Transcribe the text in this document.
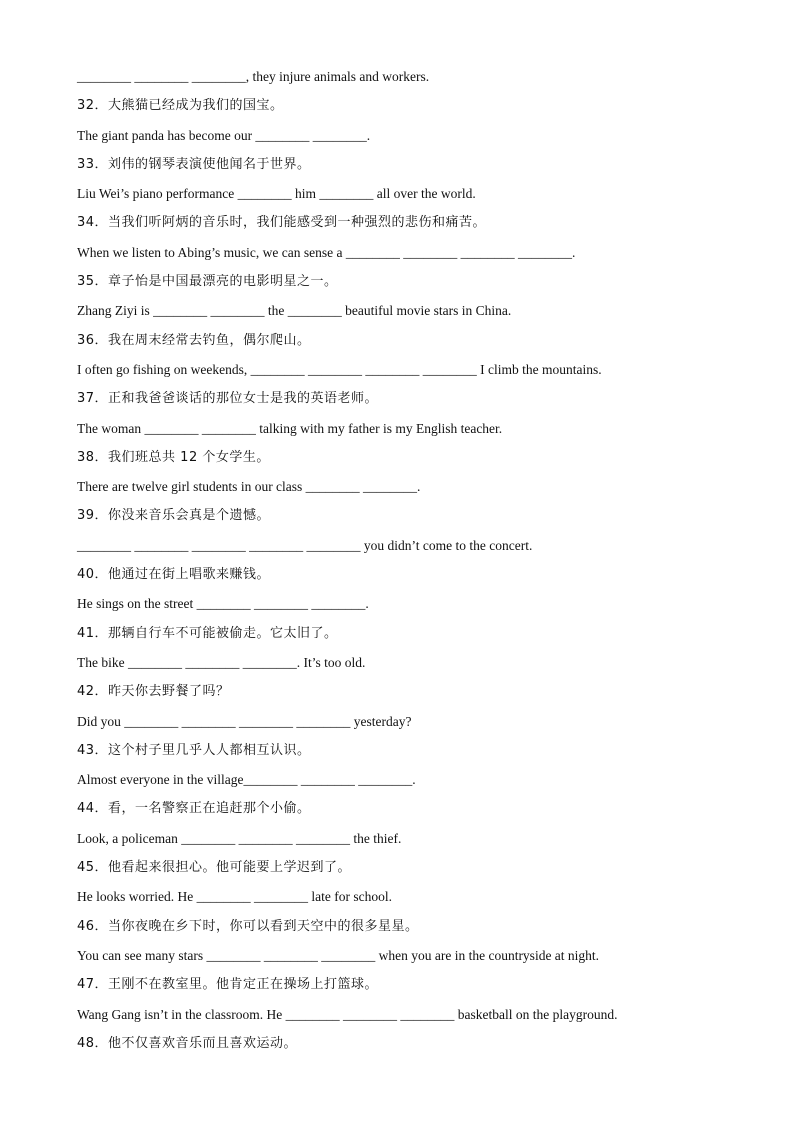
________ ________ ________, they injure animals and workers.
32．大熊猫已经成为我们的国宝。
The giant panda has become our ________ ________.
33．刘伟的钢琴表演使他闻名于世界。
Liu Wei’s piano performance ________ him ________ all over the world.
34．当我们听阿炳的音乐时，我们能感受到一种强烈的悲伤和痛苦。
When we listen to Abing’s music, we can sense a ________ ________ ________ ________.
35．章子怡是中国最漂亮的电影明星之一。
Zhang Ziyi is ________ ________ the ________ beautiful movie stars in China.
36．我在周末经常去钓鱼，偶尔爬山。
I often go fishing on weekends, ________ ________ ________ ________ I climb the mountains.
37．正和我爸爸谈话的那位女士是我的英语老师。
The woman ________ ________ talking with my father is my English teacher.
38．我们班总共 12 个女学生。
There are twelve girl students in our class ________ ________.
39．你没来音乐会真是个遗憾。
________ ________ ________ ________ ________ you didn’t come to the concert.
40．他通过在街上唱歌来赚钱。
He sings on the street ________ ________ ________.
41．那辆自行车不可能被偷走。它太旧了。
The bike ________ ________ ________. It’s too old.
42．昨天你去野餐了吗？
Did you ________ ________ ________ ________ yesterday?
43．这个村子里几乎人人都相互认识。
Almost everyone in the village________ ________ ________.
44．看，一名警察正在追赶那个小偷。
Look, a policeman ________ ________ ________ the thief.
45．他看起来很担心。他可能要上学迟到了。
He looks worried. He ________ ________ late for school.
46．当你夜晚在乡下时，你可以看到天空中的很多星星。
You can see many stars ________ ________ ________ when you are in the countryside at night.
47．王刚不在教室里。他肯定正在操场上打篮球。
Wang Gang isn’t in the classroom. He ________ ________ ________ basketball on the playground.
48．他不仅喜欢音乐而且喜欢运动。
